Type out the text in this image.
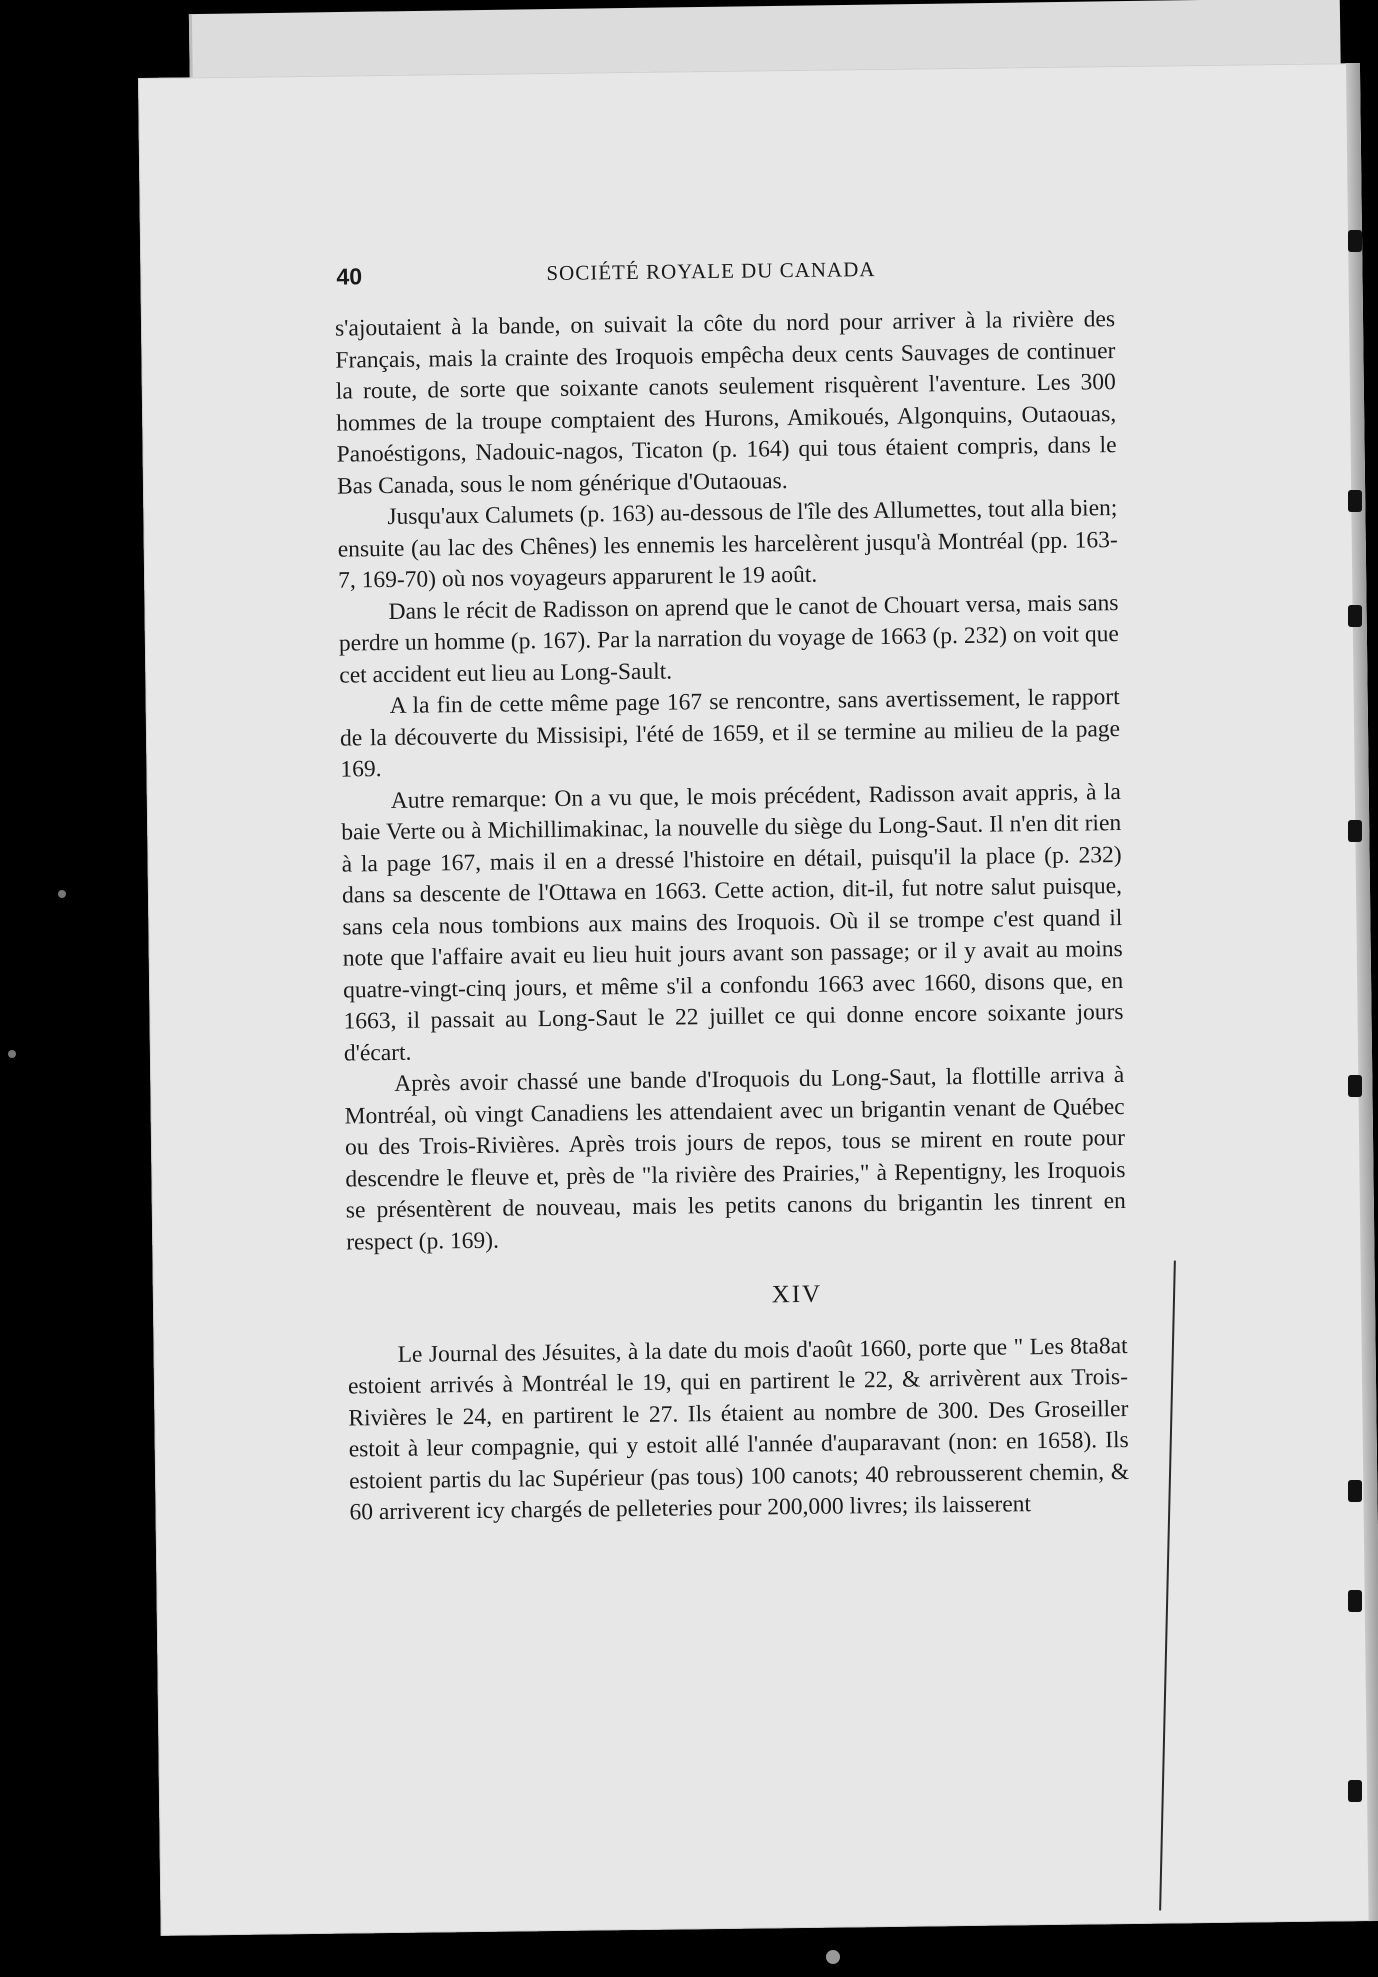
40	SOCIÉTÉ ROYALE DU CANADA

s'ajoutaient à la bande, on suivait la côte du nord pour arriver à la rivière des Français, mais la crainte des Iroquois empêcha deux cents Sauvages de continuer la route, de sorte que soixante canots seulement risquèrent l'aventure. Les 300 hommes de la troupe comptaient des Hurons, Amikoués, Algonquins, Outaouas, Panoéstigons, Nadouic-nagos, Ticaton (p. 164) qui tous étaient compris, dans le Bas Canada, sous le nom générique d'Outaouas.

Jusqu'aux Calumets (p. 163) au-dessous de l'île des Allumettes, tout alla bien; ensuite (au lac des Chênes) les ennemis les harcelèrent jusqu'à Montréal (pp. 163-7, 169-70) où nos voyageurs apparurent le 19 août.

Dans le récit de Radisson on aprend que le canot de Chouart versa, mais sans perdre un homme (p. 167). Par la narration du voyage de 1663 (p. 232) on voit que cet accident eut lieu au Long-Sault.

A la fin de cette même page 167 se rencontre, sans avertissement, le rapport de la découverte du Missisipi, l'été de 1659, et il se termine au milieu de la page 169.

Autre remarque: On a vu que, le mois précédent, Radisson avait appris, à la baie Verte ou à Michillimakinac, la nouvelle du siège du Long-Saut. Il n'en dit rien à la page 167, mais il en a dressé l'histoire en détail, puisqu'il la place (p. 232) dans sa descente de l'Ottawa en 1663. Cette action, dit-il, fut notre salut puisque, sans cela nous tombions aux mains des Iroquois. Où il se trompe c'est quand il note que l'affaire avait eu lieu huit jours avant son passage; or il y avait au moins quatre-vingt-cinq jours, et même s'il a confondu 1663 avec 1660, disons que, en 1663, il passait au Long-Saut le 22 juillet ce qui donne encore soixante jours d'écart.

Après avoir chassé une bande d'Iroquois du Long-Saut, la flottille arriva à Montréal, où vingt Canadiens les attendaient avec un brigantin venant de Québec ou des Trois-Rivières. Après trois jours de repos, tous se mirent en route pour descendre le fleuve et, près de "la rivière des Prairies," à Repentigny, les Iroquois se présentèrent de nouveau, mais les petits canons du brigantin les tinrent en respect (p. 169).

XIV

Le Journal des Jésuites, à la date du mois d'août 1660, porte que " Les 8ta8at estoient arrivés à Montréal le 19, qui en partirent le 22, & arrivèrent aux Trois-Rivières le 24, en partirent le 27. Ils étaient au nombre de 300. Des Groseiller estoit à leur compagnie, qui y estoit allé l'année d'auparavant (non: en 1658). Ils estoient partis du lac Supérieur (pas tous) 100 canots; 40 rebrousserent chemin, & 60 arriverent icy chargés de pelleteries pour 200,000 livres; ils laisserent
